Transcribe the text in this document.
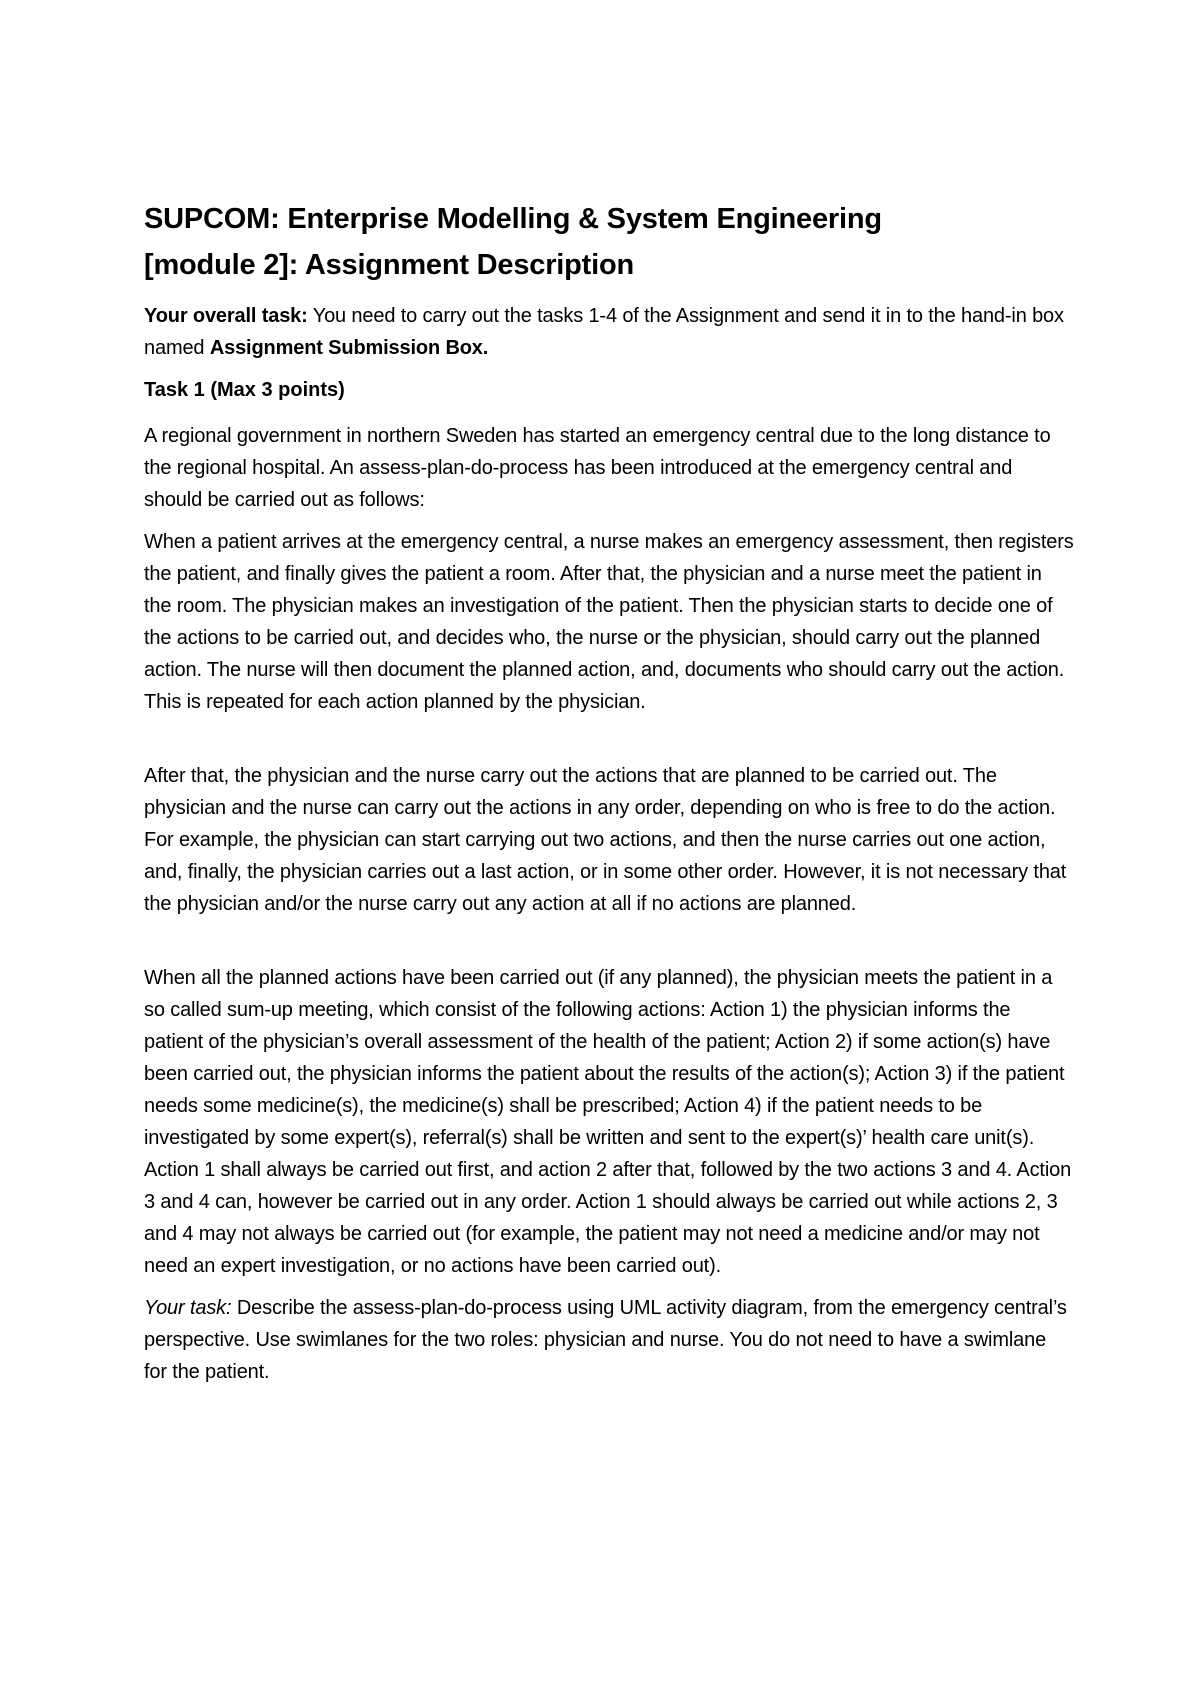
SUPCOM: Enterprise Modelling & System Engineering
[module 2]: Assignment Description

Your overall task: You need to carry out the tasks 1-4 of the Assignment and send it in to the hand-in box named Assignment Submission Box.

Task 1 (Max 3 points)

A regional government in northern Sweden has started an emergency central due to the long distance to the regional hospital. An assess-plan-do-process has been introduced at the emergency central and should be carried out as follows:

When a patient arrives at the emergency central, a nurse makes an emergency assessment, then registers the patient, and finally gives the patient a room. After that, the physician and a nurse meet the patient in the room. The physician makes an investigation of the patient. Then the physician starts to decide one of the actions to be carried out, and decides who, the nurse or the physician, should carry out the planned action. The nurse will then document the planned action, and, documents who should carry out the action. This is repeated for each action planned by the physician.

After that, the physician and the nurse carry out the actions that are planned to be carried out. The physician and the nurse can carry out the actions in any order, depending on who is free to do the action. For example, the physician can start carrying out two actions, and then the nurse carries out one action, and, finally, the physician carries out a last action, or in some other order. However, it is not necessary that the physician and/or the nurse carry out any action at all if no actions are planned.

When all the planned actions have been carried out (if any planned), the physician meets the patient in a so called sum-up meeting, which consist of the following actions: Action 1) the physician informs the patient of the physician’s overall assessment of the health of the patient; Action 2) if some action(s) have been carried out, the physician informs the patient about the results of the action(s); Action 3) if the patient needs some medicine(s), the medicine(s) shall be prescribed; Action 4) if the patient needs to be investigated by some expert(s), referral(s) shall be written and sent to the expert(s)’ health care unit(s). Action 1 shall always be carried out first, and action 2 after that, followed by the two actions 3 and 4. Action 3 and 4 can, however be carried out in any order. Action 1 should always be carried out while actions 2, 3 and 4 may not always be carried out (for example, the patient may not need a medicine and/or may not need an expert investigation, or no actions have been carried out).

Your task: Describe the assess-plan-do-process using UML activity diagram, from the emergency central’s perspective. Use swimlanes for the two roles: physician and nurse. You do not need to have a swimlane for the patient.
